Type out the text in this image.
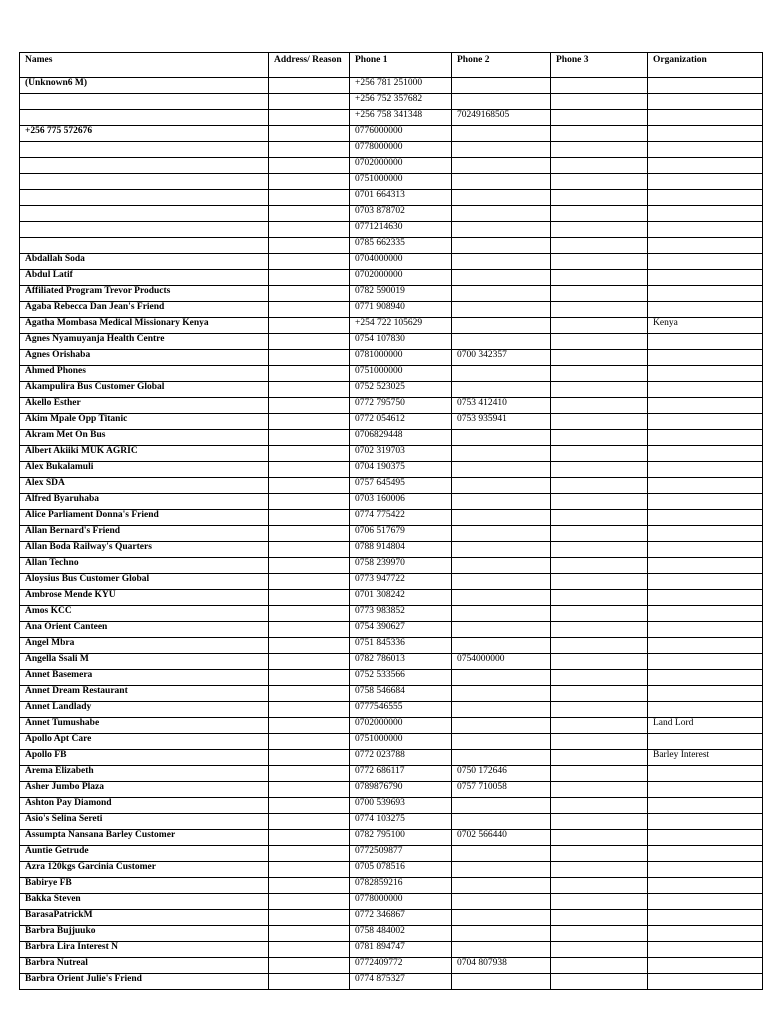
Names	Address/ Reason	Phone 1	Phone 2	Phone 3	Organization
(Unknown6 M)		+256 781 251000			
		+256 752 357682			
		+256 758 341348	70249168505		
+256 775 572676		0776000000			
		0778000000			
		0702000000			
		0751000000			
		0701 664313			
		0703 878702			
		0771214630			
		0785 662335			
Abdallah Soda		0704000000			
Abdul Latif		0702000000			
Affiliated Program Trevor Products		0782 590019			
Agaba Rebecca Dan Jean's Friend		0771 908940			
Agatha Mombasa Medical Missionary Kenya		+254 722 105629			Kenya
Agnes Nyamuyanja Health Centre		0754 107830			
Agnes Orishaba		0781000000	0700 342357		
Ahmed Phones		0751000000			
Akampulira Bus Customer Global		0752 523025			
Akello Esther		0772 795750	0753 412410		
Akim Mpale Opp Titanic		0772 054612	0753 935941		
Akram Met On Bus		0706829448			
Albert Akiiki MUK AGRIC		0702 319703			
Alex Bukalamuli		0704 190375			
Alex SDA		0757 645495			
Alfred Byaruhaba		0703 160006			
Alice Parliament Donna's Friend		0774 775422			
Allan Bernard's Friend		0706 517679			
Allan Boda Railway's Quarters		0788 914804			
Allan Techno		0758 239970			
Aloysius Bus Customer Global		0773 947722			
Ambrose Mende KYU		0701 308242			
Amos KCC		0773 983852			
Ana Orient Canteen		0754 390627			
Angel Mbra		0751 845336			
Angella Ssali M		0782 786013	0754000000		
Annet Basemera		0752 533566			
Annet Dream Restaurant		0758 546684			
Annet Landlady		0777546555			
Annet Tumushabe		0702000000			Land Lord
Apollo Apt Care		0751000000			
Apollo FB		0772 023788			Barley Interest
Arema Elizabeth		0772 686117	0750 172646		
Asher Jumbo Plaza		0789876790	0757 710058		
Ashton Pay Diamond		0700 539693			
Asio's Selina Sereti		0774 103275			
Assumpta Nansana Barley Customer		0782 795100	0702 566440		
Auntie Getrude		0772509877			
Azra 120kgs Garcinia Customer		0705 078516			
Babirye FB		0782859216			
Bakka Steven		0778000000			
BarasaPatrickM		0772 346867			
Barbra Bujjuuko		0758 484002			
Barbra Lira Interest N		0781 894747			
Barbra Nutreal		0772409772	0704 807938		
Barbra Orient Julie's Friend		0774 875327			
